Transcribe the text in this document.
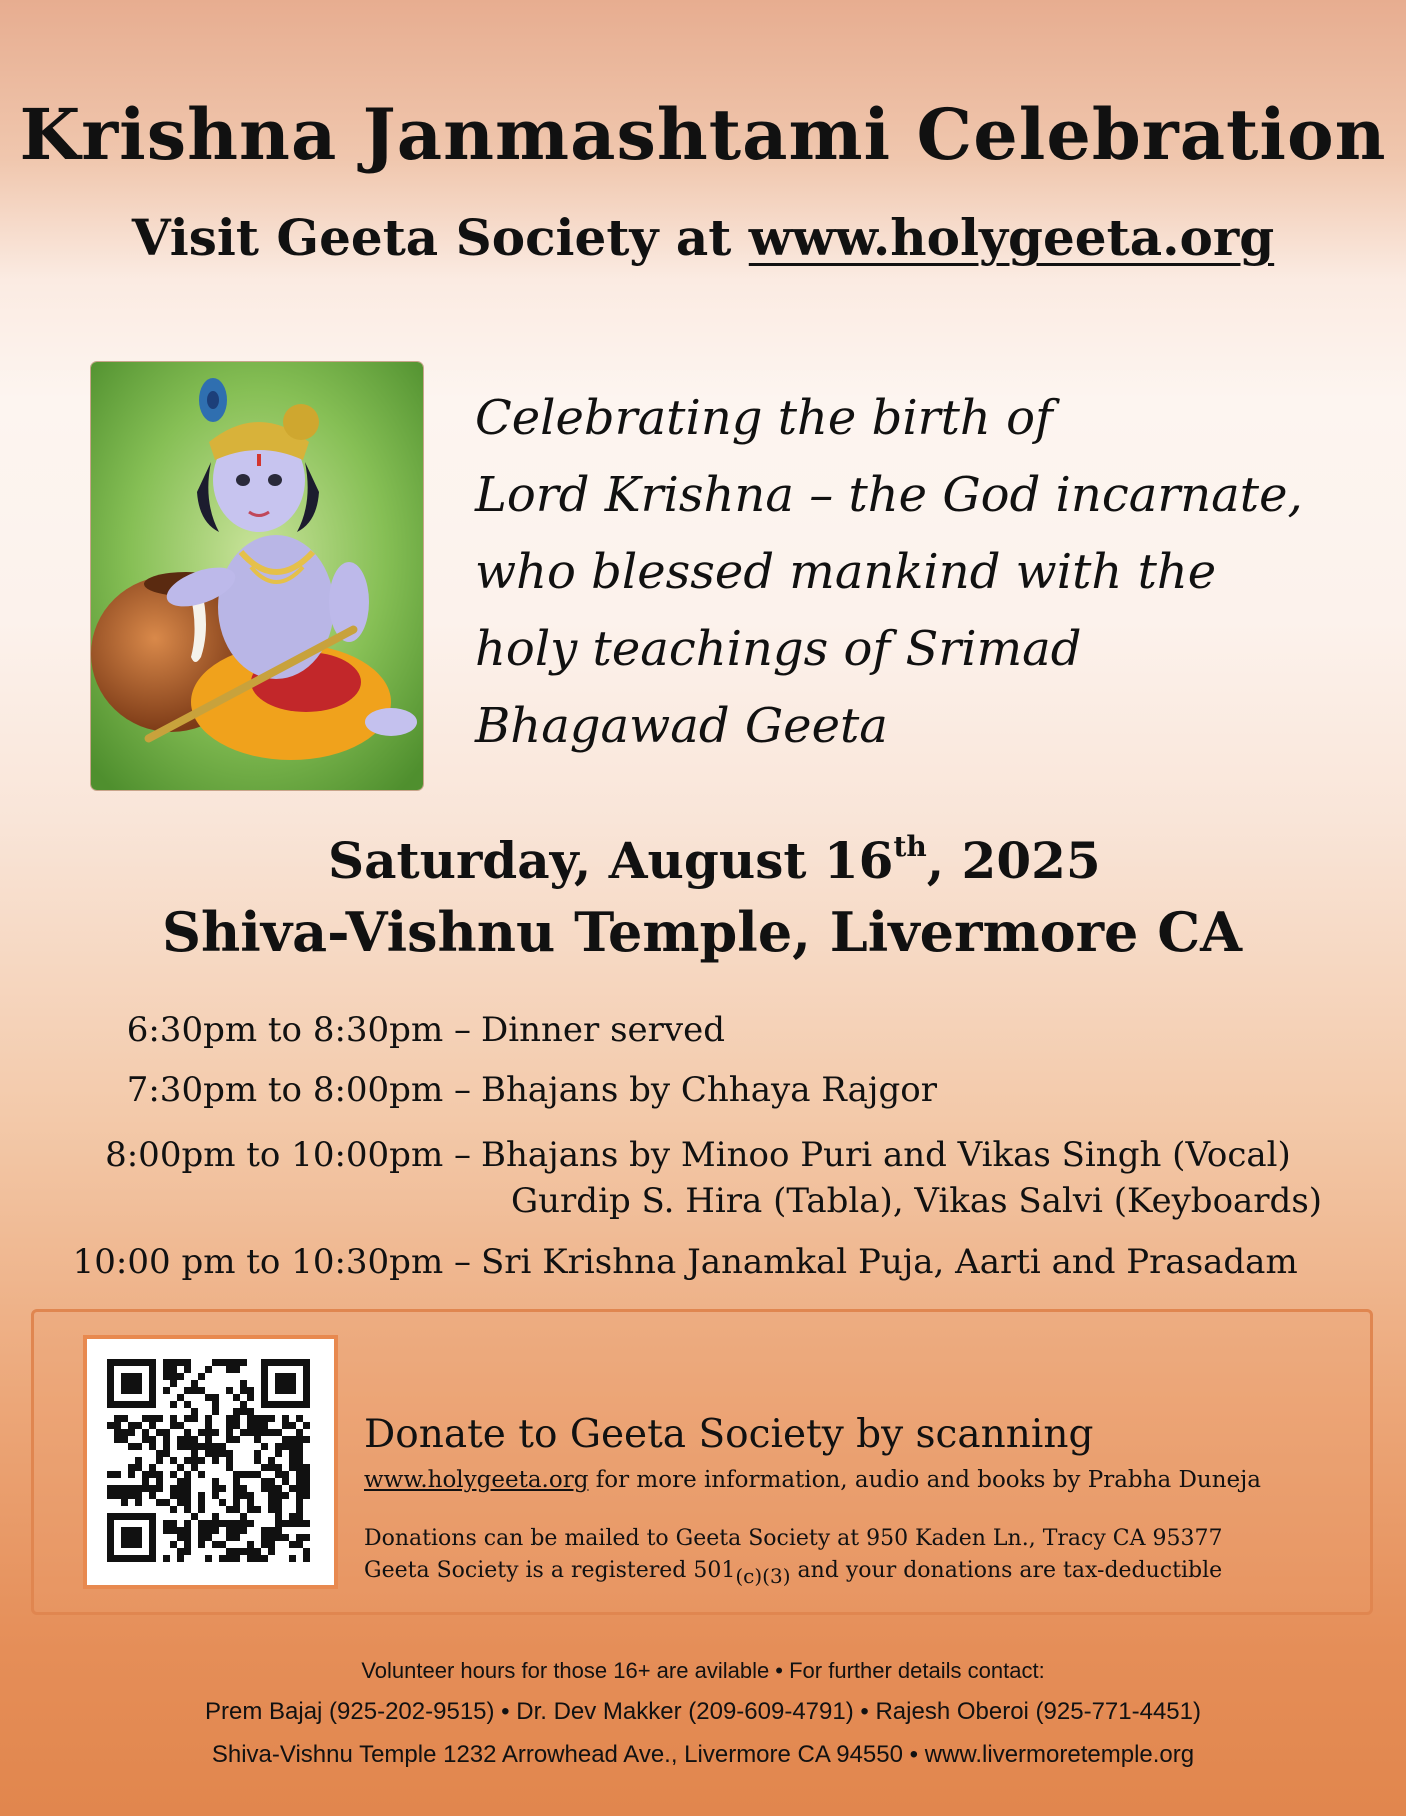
Krishna Janmashtami Celebration
Visit Geeta Society at www.holygeeta.org
Celebrating the birth of
Lord Krishna – the God incarnate,
who blessed mankind with the
holy teachings of Srimad
Bhagawad Geeta
Saturday, August 16th, 2025
Shiva-Vishnu Temple, Livermore CA
6:30pm to 8:30pm – Dinner served
7:30pm to 8:00pm – Bhajans by Chhaya Rajgor
8:00pm to 10:00pm – Bhajans by Minoo Puri and Vikas Singh (Vocal)
Gurdip S. Hira (Tabla), Vikas Salvi (Keyboards)
10:00 pm to 10:30pm – Sri Krishna Janamkal Puja, Aarti and Prasadam
Donate to Geeta Society by scanning
www.holygeeta.org for more information, audio and books by Prabha Duneja
Donations can be mailed to Geeta Society at 950 Kaden Ln., Tracy CA 95377
Geeta Society is a registered 501(c)(3) and your donations are tax-deductible
Volunteer hours for those 16+ are avilable • For further details contact:
Prem Bajaj (925-202-9515) • Dr. Dev Makker (209-609-4791) • Rajesh Oberoi (925-771-4451)
Shiva-Vishnu Temple 1232 Arrowhead Ave., Livermore CA 94550 • www.livermoretemple.org
